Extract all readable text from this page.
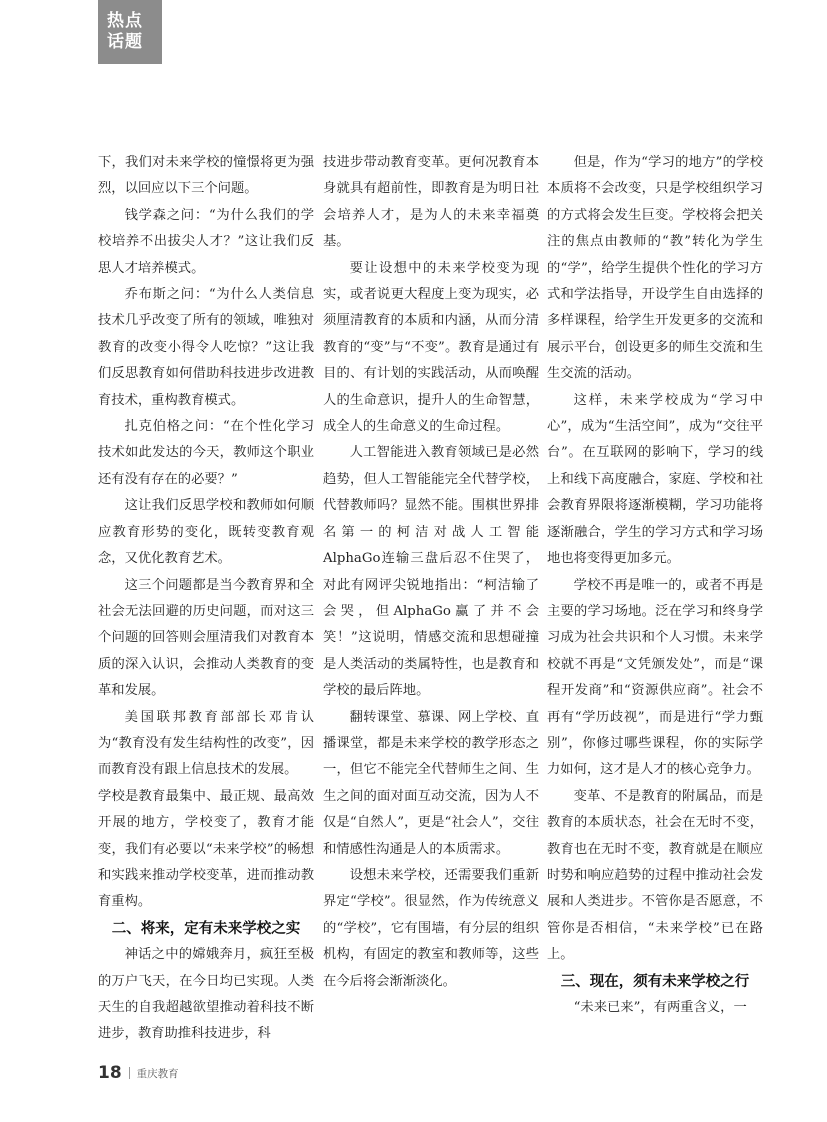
热点
话题

下，我们对未来学校的憧憬将更为强烈，以回应以下三个问题。

钱学森之问：“为什么我们的学校培养不出拔尖人才？”这让我们反思人才培养模式。

乔布斯之问：“为什么人类信息技术几乎改变了所有的领域，唯独对教育的改变小得令人吃惊？”这让我们反思教育如何借助科技进步改进教育技术，重构教育模式。

扎克伯格之问：“在个性化学习技术如此发达的今天，教师这个职业还有没有存在的必要？”

这让我们反思学校和教师如何顺应教育形势的变化，既转变教育观念，又优化教育艺术。

这三个问题都是当今教育界和全社会无法回避的历史问题，而对这三个问题的回答则会厘清我们对教育本质的深入认识，会推动人类教育的变革和发展。

美国联邦教育部部长邓肯认为“教育没有发生结构性的改变”，因而教育没有跟上信息技术的发展。

学校是教育最集中、最正规、最高效开展的地方，学校变了，教育才能变，我们有必要以“未来学校”的畅想和实践来推动学校变革，进而推动教育重构。

二、将来，定有未来学校之实

神话之中的嫦娥奔月，疯狂至极的万户飞天，在今日均已实现。人类天生的自我超越欲望推动着科技不断进步，教育助推科技进步，科

技进步带动教育变革。更何况教育本身就具有超前性，即教育是为明日社会培养人才，是为人的未来幸福奠基。

要让设想中的未来学校变为现实，或者说更大程度上变为现实，必须厘清教育的本质和内涵，从而分清教育的“变”与“不变”。教育是通过有目的、有计划的实践活动，从而唤醒人的生命意识，提升人的生命智慧，成全人的生命意义的生命过程。

人工智能进入教育领域已是必然趋势，但人工智能能完全代替学校，代替教师吗？显然不能。围棋世界排名第一的柯洁对战人工智能AlphaGo连输三盘后忍不住哭了，对此有网评尖锐地指出：“柯洁输了会哭，但AlphaGo赢了并不会笑！”这说明，情感交流和思想碰撞是人类活动的类属特性，也是教育和学校的最后阵地。

翻转课堂、慕课、网上学校、直播课堂，都是未来学校的教学形态之一，但它不能完全代替师生之间、生生之间的面对面互动交流，因为人不仅是“自然人”，更是“社会人”，交往和情感性沟通是人的本质需求。

设想未来学校，还需要我们重新界定“学校”。很显然，作为传统意义的“学校”，它有围墙，有分层的组织机构，有固定的教室和教师等，这些在今后将会渐渐淡化。

但是，作为“学习的地方”的学校本质将不会改变，只是学校组织学习的方式将会发生巨变。学校将会把关注的焦点由教师的“教”转化为学生的“学”，给学生提供个性化的学习方式和学法指导，开设学生自由选择的多样课程，给学生开发更多的交流和展示平台，创设更多的师生交流和生生交流的活动。

这样，未来学校成为“学习中心”，成为“生活空间”，成为“交往平台”。在互联网的影响下，学习的线上和线下高度融合，家庭、学校和社会教育界限将逐渐模糊，学习功能将逐渐融合，学生的学习方式和学习场地也将变得更加多元。

学校不再是唯一的，或者不再是主要的学习场地。泛在学习和终身学习成为社会共识和个人习惯。未来学校就不再是“文凭颁发处”，而是“课程开发商”和“资源供应商”。社会不再有“学历歧视”，而是进行“学力甄别”，你修过哪些课程，你的实际学力如何，这才是人才的核心竞争力。

变革、不是教育的附属品，而是教育的本质状态，社会在无时不变，教育也在无时不变，教育就是在顺应时势和响应趋势的过程中推动社会发展和人类进步。不管你是否愿意，不管你是否相信，“未来学校”已在路上。

三、现在，须有未来学校之行

“未来已来”，有两重含义，一

18 重庆教育
